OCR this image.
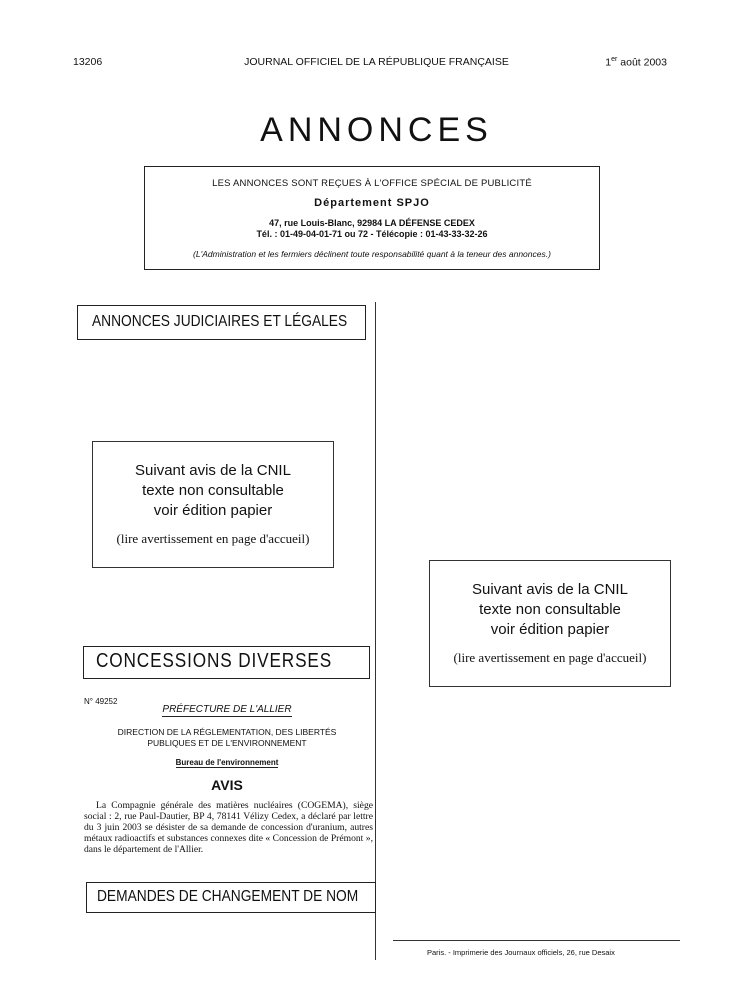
13206	JOURNAL OFFICIEL DE LA RÉPUBLIQUE FRANÇAISE	1er août 2003
ANNONCES
LES ANNONCES SONT REÇUES À L'OFFICE SPÉCIAL DE PUBLICITÉ
Département SPJO
47, rue Louis-Blanc, 92984 LA DÉFENSE CEDEX
Tél. : 01-49-04-01-71 ou 72 - Télécopie : 01-43-33-32-26
(L'Administration et les fermiers déclinent toute responsabilité quant à la teneur des annonces.)
ANNONCES JUDICIAIRES ET LÉGALES
Suivant avis de la CNIL
texte non consultable
voir édition papier
(lire avertissement en page d'accueil)
CONCESSIONS DIVERSES
N° 49252
PRÉFECTURE DE L'ALLIER
DIRECTION DE LA RÉGLEMENTATION, DES LIBERTÉS
PUBLIQUES ET DE L'ENVIRONNEMENT
Bureau de l'environnement
AVIS
La Compagnie générale des matières nucléaires (COGEMA), siège social : 2, rue Paul-Dautier, BP 4, 78141 Vélizy Cedex, a déclaré par lettre du 3 juin 2003 se désister de sa demande de concession d'uranium, autres métaux radioactifs et substances connexes dite « Concession de Prémont », dans le département de l'Allier.
DEMANDES DE CHANGEMENT DE NOM
Suivant avis de la CNIL
texte non consultable
voir édition papier
(lire avertissement en page d'accueil)
Paris. - Imprimerie des Journaux officiels, 26, rue Desaix
